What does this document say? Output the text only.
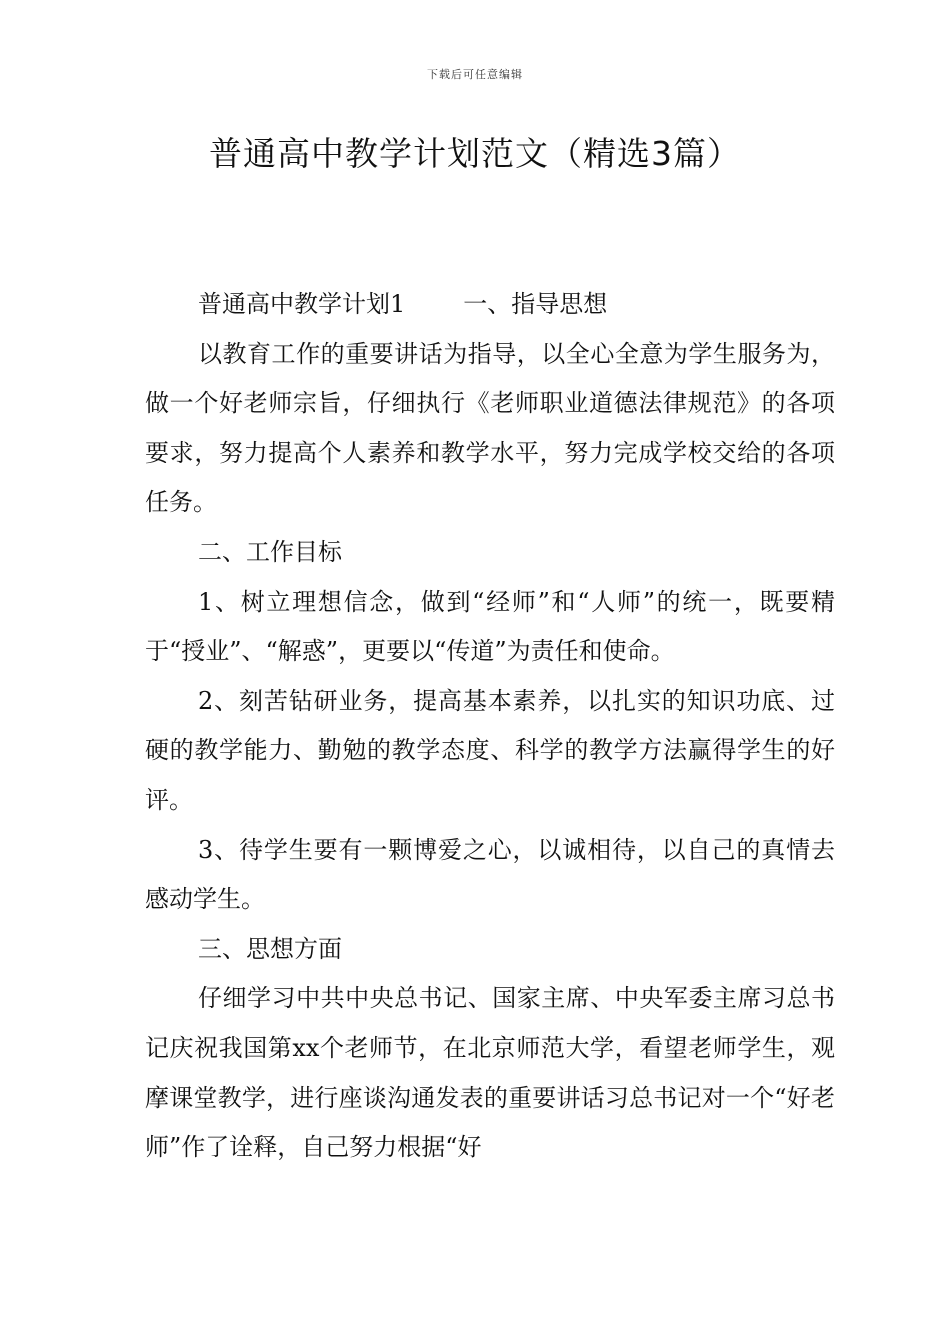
下载后可任意编辑
普通高中教学计划范文（精选3篇）

普通高中教学计划1 一、指导思想

以教育工作的重要讲话为指导，以全心全意为学生服务为，做一个好老师宗旨，仔细执行《老师职业道德法律规范》的各项要求，努力提高个人素养和教学水平，努力完成学校交给的各项任务。

二、工作目标

1、树立理想信念，做到“经师”和“人师”的统一，既要精于“授业”、“解惑”，更要以“传道”为责任和使命。

2、刻苦钻研业务，提高基本素养，以扎实的知识功底、过硬的教学能力、勤勉的教学态度、科学的教学方法赢得学生的好评。

3、待学生要有一颗博爱之心，以诚相待，以自己的真情去感动学生。

三、思想方面

仔细学习中共中央总书记、国家主席、中央军委主席习总书记庆祝我国第xx个老师节，在北京师范大学，看望老师学生，观摩课堂教学，进行座谈沟通发表的重要讲话习总书记对一个“好老师”作了诠释，自己努力根据“好
